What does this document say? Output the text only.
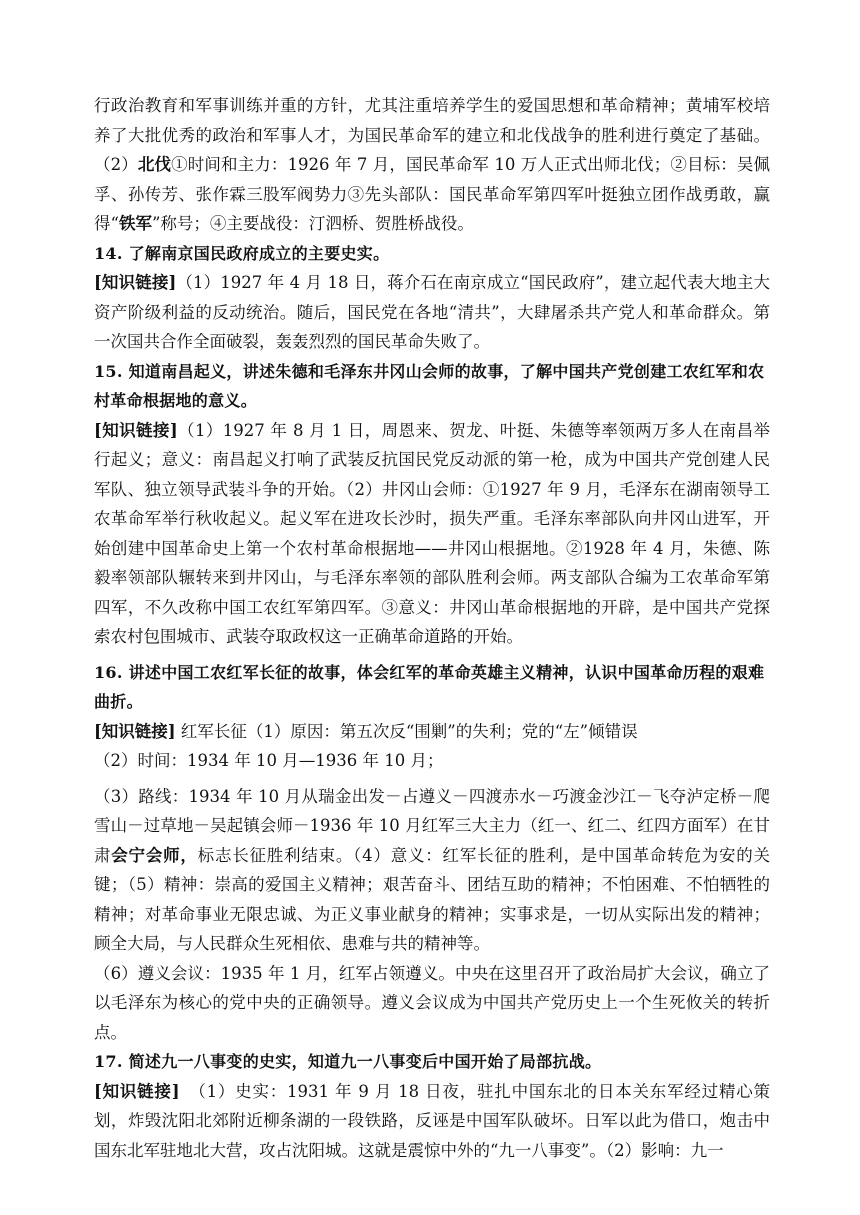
行政治教育和军事训练并重的方针，尤其注重培养学生的爱国思想和革命精神；黄埔军校培养了大批优秀的政治和军事人才，为国民革命军的建立和北伐战争的胜利进行奠定了基础。（2）北伐①时间和主力：1926 年 7 月，国民革命军 10 万人正式出师北伐；②目标：吴佩孚、孙传芳、张作霖三股军阀势力③先头部队：国民革命军第四军叶挺独立团作战勇敢，赢得“铁军”称号；④主要战役：汀泗桥、贺胜桥战役。

14. 了解南京国民政府成立的主要史实。

[知识链接]（1）1927 年 4 月 18 日，蒋介石在南京成立“国民政府”，建立起代表大地主大资产阶级利益的反动统治。随后，国民党在各地“清共”，大肆屠杀共产党人和革命群众。第一次国共合作全面破裂，轰轰烈烈的国民革命失败了。

15. 知道南昌起义，讲述朱德和毛泽东井冈山会师的故事，了解中国共产党创建工农红军和农村革命根据地的意义。

[知识链接]（1）1927 年 8 月 1 日，周恩来、贺龙、叶挺、朱德等率领两万多人在南昌举行起义；意义：南昌起义打响了武装反抗国民党反动派的第一枪，成为中国共产党创建人民军队、独立领导武装斗争的开始。（2）井冈山会师：①1927 年 9 月，毛泽东在湖南领导工农革命军举行秋收起义。起义军在进攻长沙时，损失严重。毛泽东率部队向井冈山进军，开始创建中国革命史上第一个农村革命根据地——井冈山根据地。②1928 年 4 月，朱德、陈毅率领部队辗转来到井冈山，与毛泽东率领的部队胜利会师。两支部队合编为工农革命军第四军，不久改称中国工农红军第四军。③意义：井冈山革命根据地的开辟，是中国共产党探索农村包围城市、武装夺取政权这一正确革命道路的开始。

16. 讲述中国工农红军长征的故事，体会红军的革命英雄主义精神，认识中国革命历程的艰难曲折。

[知识链接] 红军长征（1）原因：第五次反“围剿”的失利；党的“左”倾错误

（2）时间：1934 年 10 月—1936 年 10 月；

（3）路线：1934 年 10 月从瑞金出发－占遵义－四渡赤水－巧渡金沙江－飞夺泸定桥－爬雪山－过草地－吴起镇会师－1936 年 10 月红军三大主力（红一、红二、红四方面军）在甘肃会宁会师，标志长征胜利结束。（4）意义：红军长征的胜利，是中国革命转危为安的关键；（5）精神：崇高的爱国主义精神；艰苦奋斗、团结互助的精神；不怕困难、不怕牺牲的精神；对革命事业无限忠诚、为正义事业献身的精神；实事求是，一切从实际出发的精神；顾全大局，与人民群众生死相依、患难与共的精神等。

（6）遵义会议：1935 年 1 月，红军占领遵义。中央在这里召开了政治局扩大会议，确立了以毛泽东为核心的党中央的正确领导。遵义会议成为中国共产党历史上一个生死攸关的转折点。

17. 简述九一八事变的史实，知道九一八事变后中国开始了局部抗战。

[知识链接]　（1）史实：1931 年 9 月 18 日夜，驻扎中国东北的日本关东军经过精心策划，炸毁沈阳北郊附近柳条湖的一段铁路，反诬是中国军队破坏。日军以此为借口，炮击中国东北军驻地北大营，攻占沈阳城。这就是震惊中外的“九一八事变”。（2）影响：九一
